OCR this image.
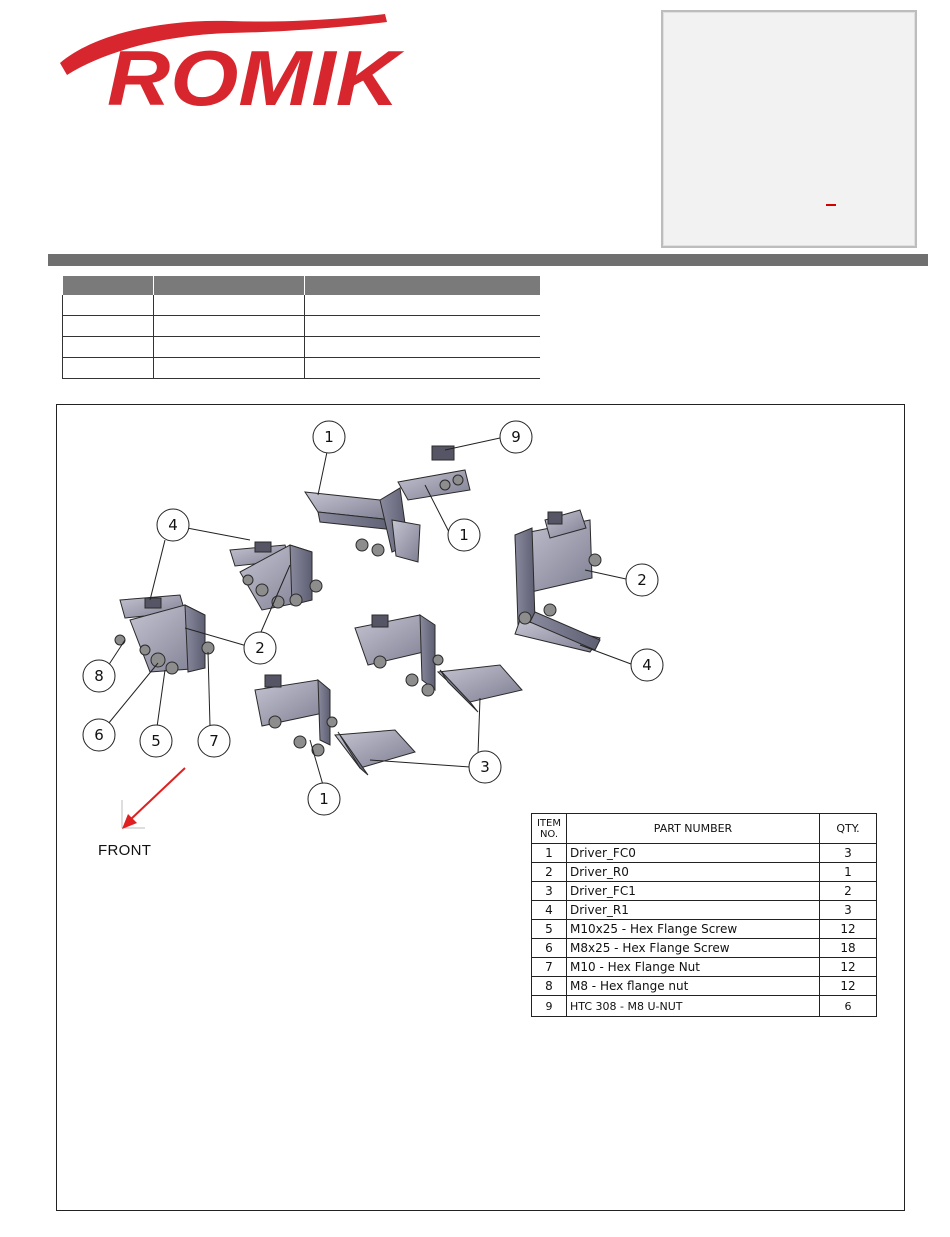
ROMIK

1	9
1
4
2
2
8
6	5	7
4
3
1
FRONT
ITEM NO.	PART NUMBER	QTY.
1	Driver_FC0	3
2	Driver_R0	1
3	Driver_FC1	2
4	Driver_R1	3
5	M10x25 - Hex Flange Screw	12
6	M8x25 - Hex Flange Screw	18
7	M10 - Hex Flange Nut	12
8	M8 - Hex flange nut	12
9	HTC 308 - M8 U-NUT	6
